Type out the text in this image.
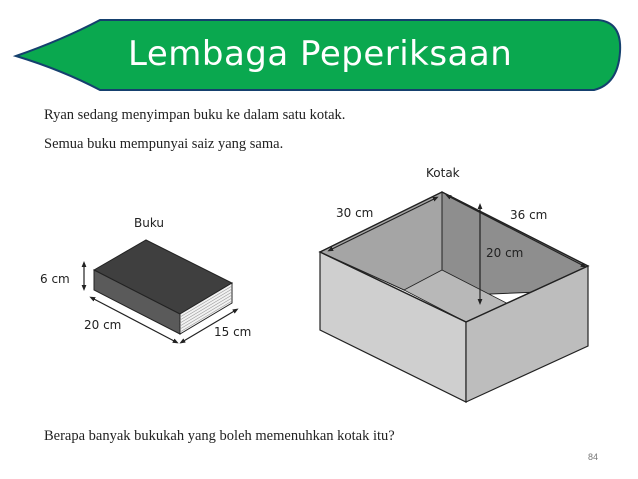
Lembaga Peperiksaan
Ryan sedang menyimpan buku ke dalam satu kotak.
Semua buku mempunyai saiz yang sama.
Berapa banyak bukukah yang boleh memenuhkan kotak itu?
Buku
6 cm
20 cm	15 cm
Kotak
30 cm	36 cm
20 cm
84
